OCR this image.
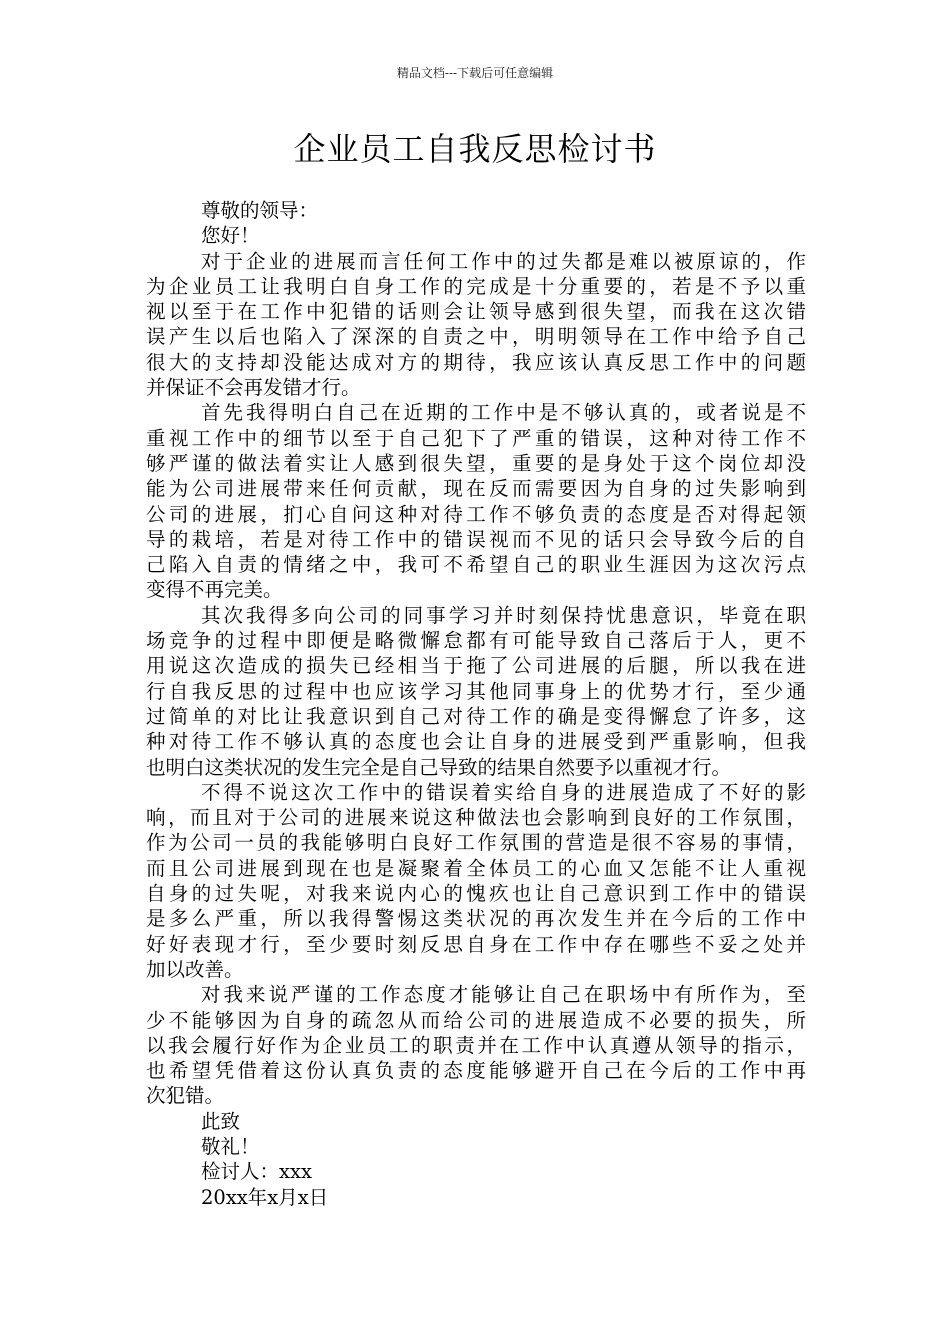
精品文档---下载后可任意编辑
企业员工自我反思检讨书
尊敬的领导：
您好！
对于企业的进展而言任何工作中的过失都是难以被原谅的，作
为企业员工让我明白自身工作的完成是十分重要的，若是不予以重
视以至于在工作中犯错的话则会让领导感到很失望，而我在这次错
误产生以后也陷入了深深的自责之中，明明领导在工作中给予自己
很大的支持却没能达成对方的期待，我应该认真反思工作中的问题
并保证不会再发错才行。
首先我得明白自己在近期的工作中是不够认真的，或者说是不
重视工作中的细节以至于自己犯下了严重的错误，这种对待工作不
够严谨的做法着实让人感到很失望，重要的是身处于这个岗位却没
能为公司进展带来任何贡献，现在反而需要因为自身的过失影响到
公司的进展，扪心自问这种对待工作不够负责的态度是否对得起领
导的栽培，若是对待工作中的错误视而不见的话只会导致今后的自
己陷入自责的情绪之中，我可不希望自己的职业生涯因为这次污点
变得不再完美。
其次我得多向公司的同事学习并时刻保持忧患意识，毕竟在职
场竞争的过程中即便是略微懈怠都有可能导致自己落后于人，更不
用说这次造成的损失已经相当于拖了公司进展的后腿，所以我在进
行自我反思的过程中也应该学习其他同事身上的优势才行，至少通
过简单的对比让我意识到自己对待工作的确是变得懈怠了许多，这
种对待工作不够认真的态度也会让自身的进展受到严重影响，但我
也明白这类状况的发生完全是自己导致的结果自然要予以重视才行。
不得不说这次工作中的错误着实给自身的进展造成了不好的影
响，而且对于公司的进展来说这种做法也会影响到良好的工作氛围，
作为公司一员的我能够明白良好工作氛围的营造是很不容易的事情，
而且公司进展到现在也是凝聚着全体员工的心血又怎能不让人重视
自身的过失呢，对我来说内心的愧疚也让自己意识到工作中的错误
是多么严重，所以我得警惕这类状况的再次发生并在今后的工作中
好好表现才行，至少要时刻反思自身在工作中存在哪些不妥之处并
加以改善。
对我来说严谨的工作态度才能够让自己在职场中有所作为，至
少不能够因为自身的疏忽从而给公司的进展造成不必要的损失，所
以我会履行好作为企业员工的职责并在工作中认真遵从领导的指示，
也希望凭借着这份认真负责的态度能够避开自己在今后的工作中再
次犯错。
此致
敬礼！
检讨人：xxx
20xx年x月x日
